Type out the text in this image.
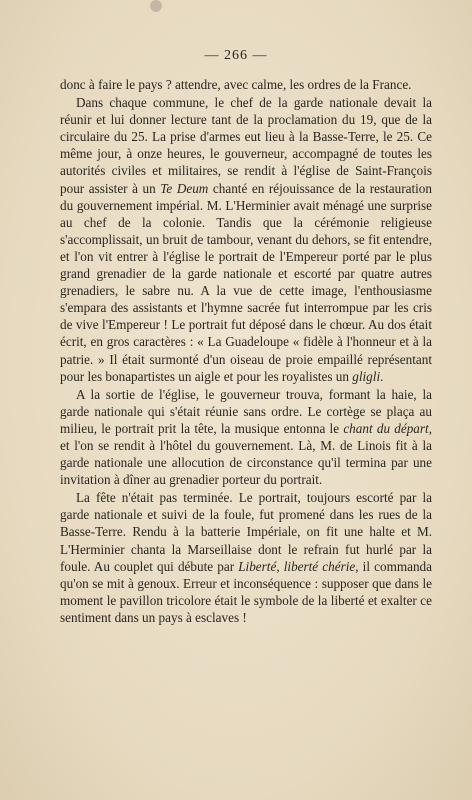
— 266 —

donc à faire le pays ? attendre, avec calme, les ordres de la France.

Dans chaque commune, le chef de la garde nationale devait la réunir et lui donner lecture tant de la proclamation du 19, que de la circulaire du 25. La prise d'armes eut lieu à la Basse-Terre, le 25. Ce même jour, à onze heures, le gouverneur, accompagné de toutes les autorités civiles et militaires, se rendit à l'église de Saint-François pour assister à un Te Deum chanté en réjouissance de la restauration du gouvernement impérial. M. L'Herminier avait ménagé une surprise au chef de la colonie. Tandis que la cérémonie religieuse s'accomplissait, un bruit de tambour, venant du dehors, se fit entendre, et l'on vit entrer à l'église le portrait de l'Empereur porté par le plus grand grenadier de la garde nationale et escorté par quatre autres grenadiers, le sabre nu. A la vue de cette image, l'enthousiasme s'empara des assistants et l'hymne sacrée fut interrompue par les cris de vive l'Empereur ! Le portrait fut déposé dans le chœur. Au dos était écrit, en gros caractères : « La Guadeloupe « fidèle à l'honneur et à la patrie. » Il était surmonté d'un oiseau de proie empaillé représentant pour les bonapartistes un aigle et pour les royalistes un gligli.

A la sortie de l'église, le gouverneur trouva, formant la haie, la garde nationale qui s'était réunie sans ordre. Le cortège se plaça au milieu, le portrait prit la tête, la musique entonna le chant du départ, et l'on se rendit à l'hôtel du gouvernement. Là, M. de Linois fit à la garde nationale une allocution de circonstance qu'il termina par une invitation à dîner au grenadier porteur du portrait.

La fête n'était pas terminée. Le portrait, toujours escorté par la garde nationale et suivi de la foule, fut promené dans les rues de la Basse-Terre. Rendu à la batterie Impériale, on fit une halte et M. L'Herminier chanta la Marseillaise dont le refrain fut hurlé par la foule. Au couplet qui débute par Liberté, liberté chérie, il commanda qu'on se mit à genoux. Erreur et inconséquence : supposer que dans le moment le pavillon tricolore était le symbole de la liberté et exalter ce sentiment dans un pays à esclaves !
